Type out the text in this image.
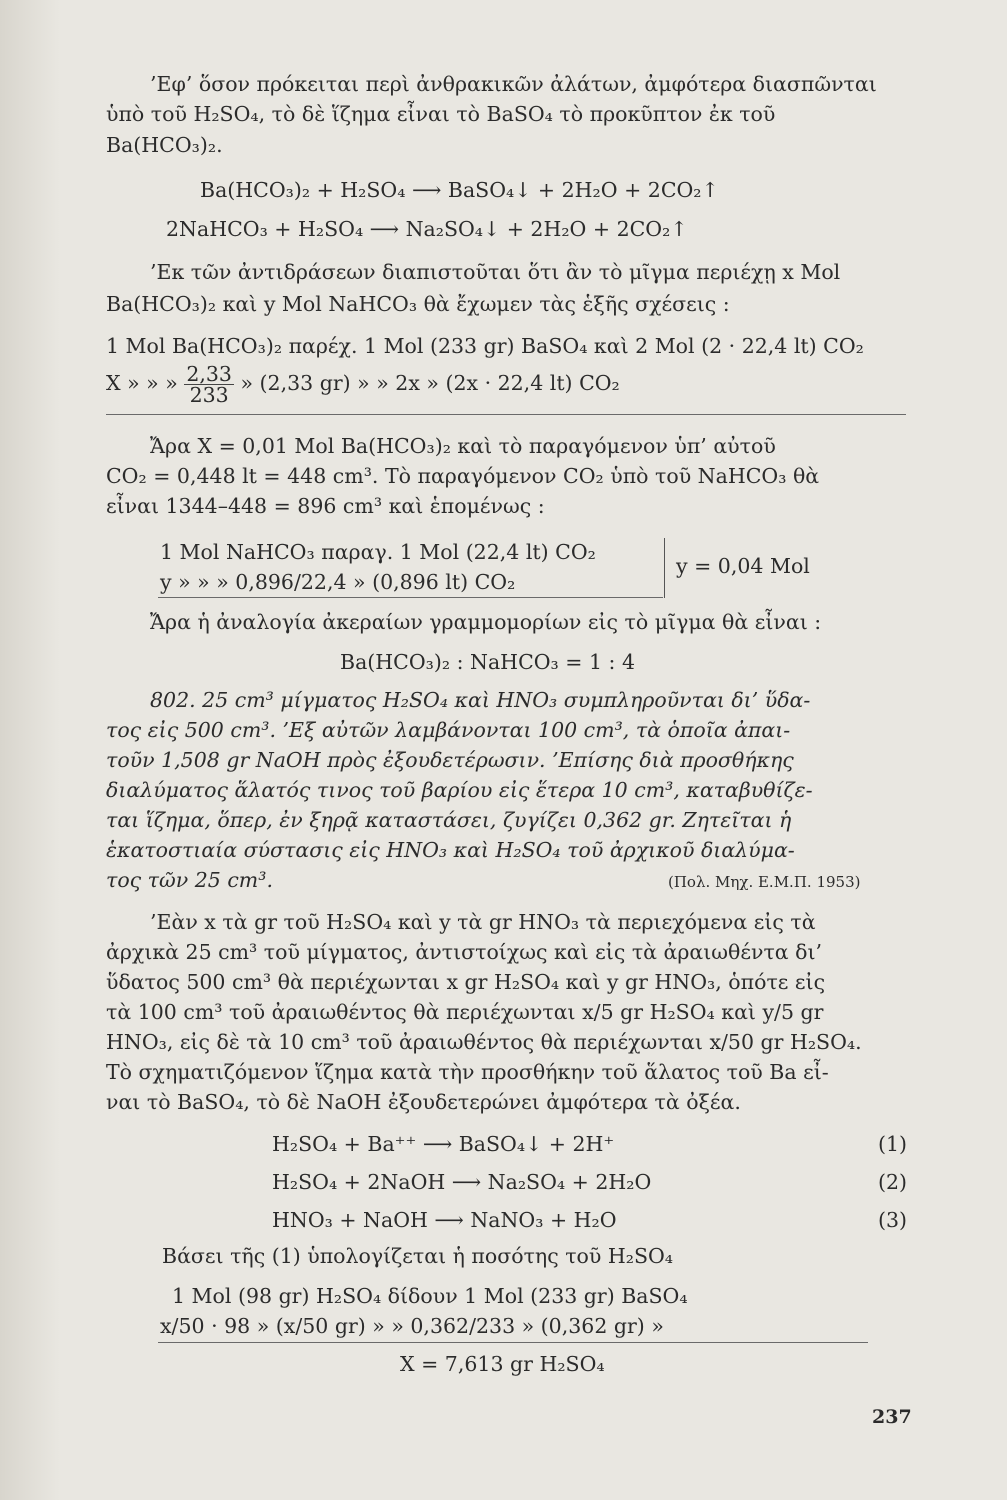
’Εφ’ ὅσον πρόκειται περὶ ἀνθρακικῶν ἀλάτων, ἀμφότερα διασπῶνται
ὑπὸ τοῦ H₂SO₄, τὸ δὲ ἵζημα εἶναι τὸ BaSO₄ τὸ προκῦπτον ἐκ τοῦ
Ba(HCO₃)₂.
Ba(HCO₃)₂ + H₂SO₄ ⟶ BaSO₄↓ + 2H₂O + 2CO₂↑
2NaHCO₃ + H₂SO₄ ⟶ Na₂SO₄↓ + 2H₂O + 2CO₂↑
’Εκ τῶν ἀντιδράσεων διαπιστοῦται ὅτι ἂν τὸ μῖγμα περιέχῃ x Mol
Ba(HCO₃)₂ καὶ y Mol NaHCO₃ θὰ ἔχωμεν τὰς ἑξῆς σχέσεις :
1 Mol Ba(HCO₃)₂ παρέχ. 1 Mol (233 gr) BaSO₄ καὶ 2 Mol (2 · 22,4 lt) CO₂
X » » » $\frac{2,33}{233}$ » (2,33 gr) » » 2x » (2x · 22,4 lt) CO₂
Ἄρα X = 0,01 Mol Ba(HCO₃)₂ καὶ τὸ παραγόμενον ὑπ’ αὐτοῦ
CO₂ = 0,448 lt = 448 cm³. Τὸ παραγόμενον CO₂ ὑπὸ τοῦ NaHCO₃ θὰ
εἶναι 1344–448 = 896 cm³ καὶ ἑπομένως :
1 Mol NaHCO₃ παραγ. 1 Mol (22,4 lt) CO₂
y » » » 0,896/22,4 » (0,896 lt) CO₂
y = 0,04 Mol
Ἄρα ἡ ἀναλογία ἀκεραίων γραμμομορίων εἰς τὸ μῖγμα θὰ εἶναι :
Ba(HCO₃)₂ : NaHCO₃ = 1 : 4
802. 25 cm³ μίγματος H₂SO₄ καὶ HNO₃ συμπληροῦνται δι’ ὕδα-
τος εἰς 500 cm³. ’Εξ αὐτῶν λαμβάνονται 100 cm³, τὰ ὁποῖα ἀπαι-
τοῦν 1,508 gr NaOH πρὸς ἐξουδετέρωσιν. ’Επίσης διὰ προσθήκης
διαλύματος ἅλατός τινος τοῦ βαρίου εἰς ἕτερα 10 cm³, καταβυθίζε-
ται ἵζημα, ὅπερ, ἐν ξηρᾷ καταστάσει, ζυγίζει 0,362 gr. Ζητεῖται ἡ
ἑκατοστιαία σύστασις εἰς HNO₃ καὶ H₂SO₄ τοῦ ἀρχικοῦ διαλύμα-
τος τῶν 25 cm³.	(Πολ. Μηχ. Ε.Μ.Π. 1953)
’Εὰν x τὰ gr τοῦ H₂SO₄ καὶ y τὰ gr HNO₃ τὰ περιεχόμενα εἰς τὰ
ἀρχικὰ 25 cm³ τοῦ μίγματος, ἀντιστοίχως καὶ εἰς τὰ ἀραιωθέντα δι’
ὕδατος 500 cm³ θὰ περιέχωνται x gr H₂SO₄ καὶ y gr HNO₃, ὁπότε εἰς
τὰ 100 cm³ τοῦ ἀραιωθέντος θὰ περιέχωνται x/5 gr H₂SO₄ καὶ y/5 gr
HNO₃, εἰς δὲ τὰ 10 cm³ τοῦ ἀραιωθέντος θὰ περιέχωνται x/50 gr H₂SO₄.
Τὸ σχηματιζόμενον ἵζημα κατὰ τὴν προσθήκην τοῦ ἅλατος τοῦ Ba εἶ-
ναι τὸ BaSO₄, τὸ δὲ NaOH ἐξουδετερώνει ἀμφότερα τὰ ὀξέα.
H₂SO₄ + Ba⁺⁺ ⟶ BaSO₄↓ + 2H⁺	(1)
H₂SO₄ + 2NaOH ⟶ Na₂SO₄ + 2H₂O	(2)
HNO₃ + NaOH ⟶ NaNO₃ + H₂O	(3)
Βάσει τῆς (1) ὑπολογίζεται ἡ ποσότης τοῦ H₂SO₄
1 Mol (98 gr) H₂SO₄ δίδουν 1 Mol (233 gr) BaSO₄
x/50 · 98 » (x/50 gr) » » 0,362/233 » (0,362 gr) »
X = 7,613 gr H₂SO₄
237
